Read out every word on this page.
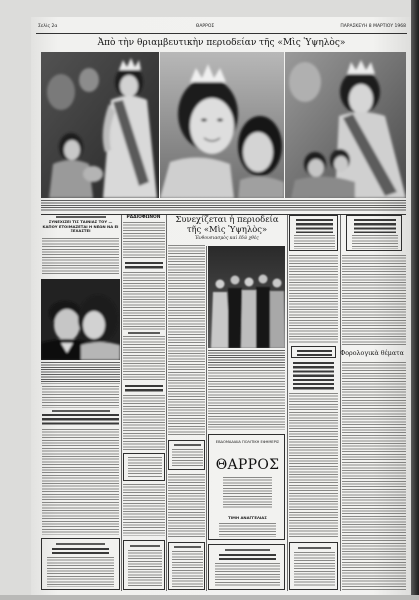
Σελὶς 2α	ΘΑΡΡΟΣ	ΠΑΡΑΣΚΕΥΗ 8 ΜΑΡΤΙΟΥ 1968
Ἀπὸ τὴν θριαμβευτικὴν περιοδείαν τῆς «Μὶς Ὑψηλὸς»
ΣΥΝΕΧΙΖΕΙ ΤΙΣ ΤΑΙΝΙΑΣ ΤΟΥ — ΚΑΠΟΥ ΕΤΟΙΜΑΖΕΤΑΙ Η ΝΕΩΝ ΝΑ ΕΙ ΞΕΧΑΣΤΕΙ
ΡΑΔΙΟΦΩΝΟΝ	Συνεχίζεται ἡ περιοδεία
τῆς «Μὶς Ὑψηλὸς»
Ἐνθουσιασμὸς καὶ ἐδῶ χθὲς
ΕΒΔΟΜΑΔΙΑΙΑ ΠΟΛΙΤΙΚΗ ΕΦΗΜΕΡΙΣ
ΘΑΡΡΟΣ
ΤΙΜΗ ΑΝΑΓΓΕΛΙΑΣ
Φορολογικὰ θέματα
